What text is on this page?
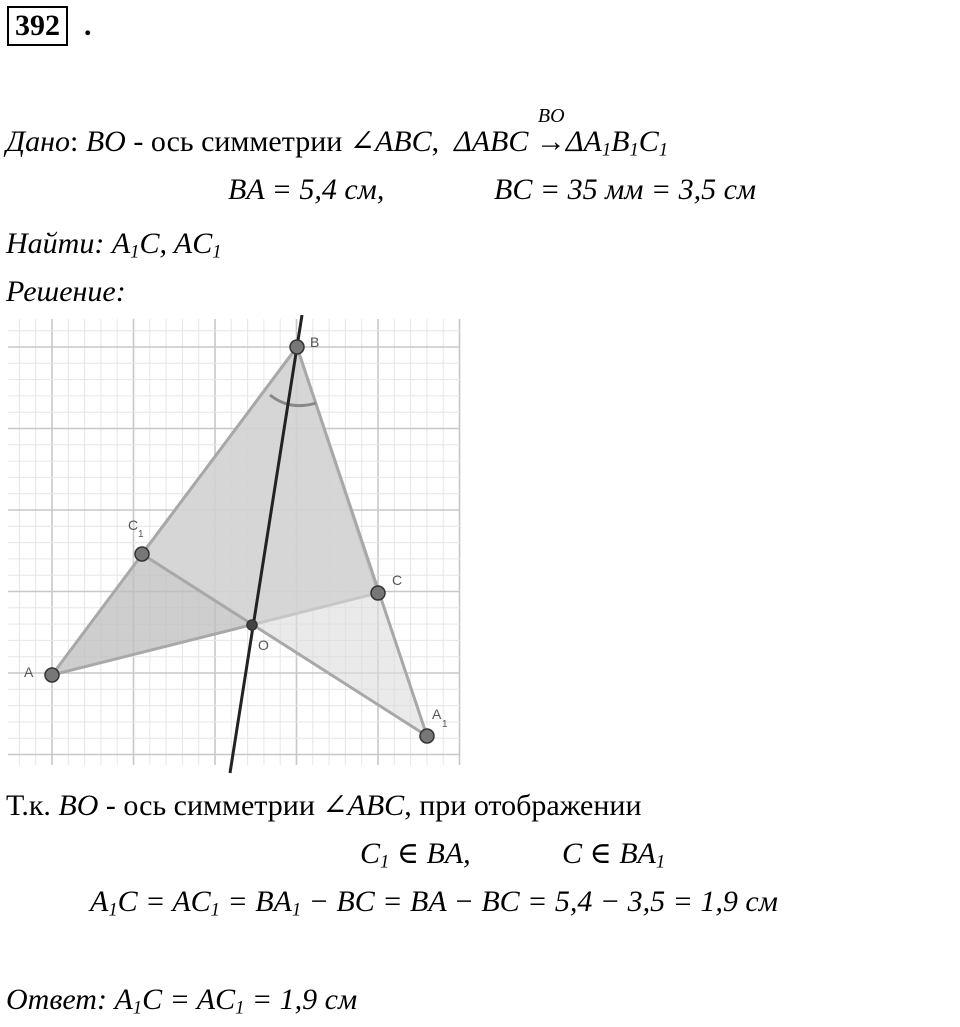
392 .
Дано: BO - ось симметрии ∠ABC, ΔABC
BO
$\to\Delta A_1B_1C_1$
BA = 5,4 см,	BC = 35 мм = 3,5 см
Найти: $A_1C$, $AC_1$
Решение:
B
C
A
O
C
1
A
1
Т.к. BO - ось симметрии ∠ABC, при отображении
$C_1$ ∈ BA,	C ∈ $BA_1$
$A_1C = AC_1 = BA_1$ − BC = BA − BC = 5,4 − 3,5 = 1,9 см
Ответ: $A_1C = AC_1 = 1,9$ см
